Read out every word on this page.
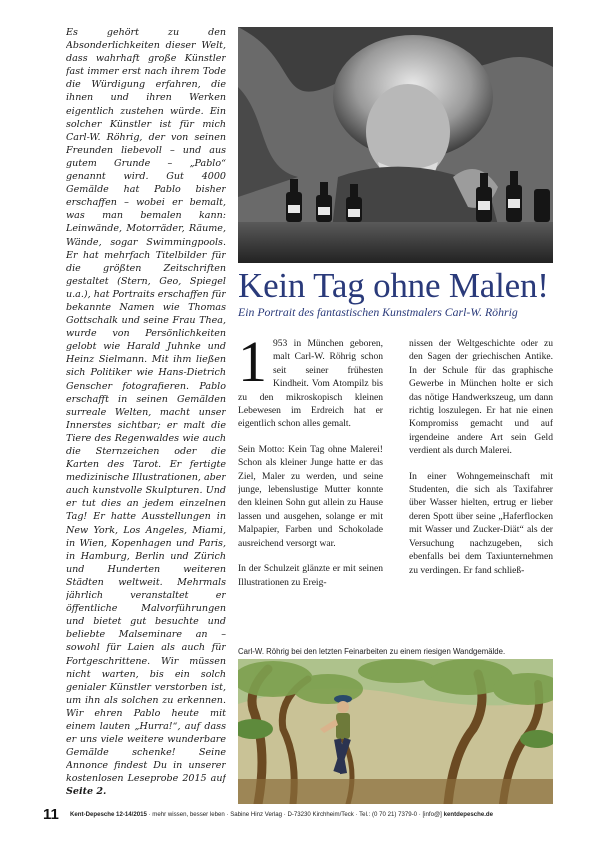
Es gehört zu den Absonderlichkeiten dieser Welt, dass wahrhaft große Künstler fast immer erst nach ihrem Tode die Würdigung erfahren, die ihnen und ihren Werken eigentlich zustehen würde. Ein solcher Künstler ist für mich Carl-W. Röhrig, der von seinen Freunden liebevoll – und aus gutem Grunde – „Pablo“ genannt wird. Gut 4000 Gemälde hat Pablo bisher erschaffen – wobei er bemalt, was man bemalen kann: Leinwände, Motorräder, Räume, Wände, sogar Swimmingpools. Er hat mehrfach Titelbilder für die größten Zeitschriften gestaltet (Stern, Geo, Spiegel u.a.), hat Portraits erschaffen für bekannte Namen wie Thomas Gottschalk und seine Frau Thea, wurde von Persönlichkeiten gelobt wie Harald Juhnke und Heinz Sielmann. Mit ihm ließen sich Politiker wie Hans-Dietrich Genscher fotografieren. Pablo erschafft in seinen Gemälden surreale Welten, macht unser Innerstes sichtbar; er malt die Tiere des Regenwaldes wie auch die Sternzeichen oder die Karten des Tarot. Er fertigte medizinische Illustrationen, aber auch kunstvolle Skulpturen. Und er tut dies an jedem einzelnen Tag! Er hatte Ausstellungen in New York, Los Angeles, Miami, in Wien, Kopenhagen und Paris, in Hamburg, Berlin und Zürich und Hunderten weiteren Städten weltweit. Mehrmals jährlich veranstaltet er öffentliche Malvorführungen und bietet gut besuchte und beliebte Malseminare an – sowohl für Laien als auch für Fortgeschrittene. Wir müssen nicht warten, bis ein solch genialer Künstler verstorben ist, um ihn als solchen zu erkennen. Wir ehren Pablo heute mit einem lauten „Hurra!“, auf dass er uns viele weitere wunderbare Gemälde schenke! Seine Annonce findest Du in unserer kostenlosen Leseprobe 2015 auf Seite 2.
Kein Tag ohne Malen!

Ein Portrait des fantastischen Kunstmalers Carl-W. Röhrig

1 953 in München geboren, malt Carl-W. Röhrig schon seit seiner frühesten Kindheit. Vom Atompilz bis zu den mikroskopisch kleinen Lebewesen im Erdreich hat er eigentlich schon alles gemalt.

Sein Motto: Kein Tag ohne Malerei! Schon als kleiner Junge hatte er das Ziel, Maler zu werden, und seine junge, lebenslustige Mutter konnte den kleinen Sohn gut allein zu Hause lassen und ausgehen, solange er mit Malpapier, Farben und Schokolade ausreichend versorgt war.

In der Schulzeit glänzte er mit seinen Illustrationen zu Ereig-

nissen der Weltgeschichte oder zu den Sagen der griechischen Antike. In der Schule für das graphische Gewerbe in München holte er sich das nötige Handwerkszeug, um dann richtig loszulegen. Er hat nie einen Kompromiss gemacht und auf irgendeine andere Art sein Geld verdient als durch Malerei.

In einer Wohngemeinschaft mit Studenten, die sich als Taxifahrer über Wasser hielten, ertrug er lieber deren Spott über seine „Haferflocken mit Wasser und Zucker-Diät“ als der Versuchung nachzugeben, sich ebenfalls bei dem Taxiunternehmen zu verdingen. Er fand schließ-

Carl-W. Röhrig bei den letzten Feinarbeiten zu einem riesigen Wandgemälde.

11 Kent-Depesche 12-14/2015 · mehr wissen, besser leben · Sabine Hinz Verlag · D-73230 Kirchheim/Teck · Tel.: (0 70 21) 7379-0 · [info@] kentdepesche.de
